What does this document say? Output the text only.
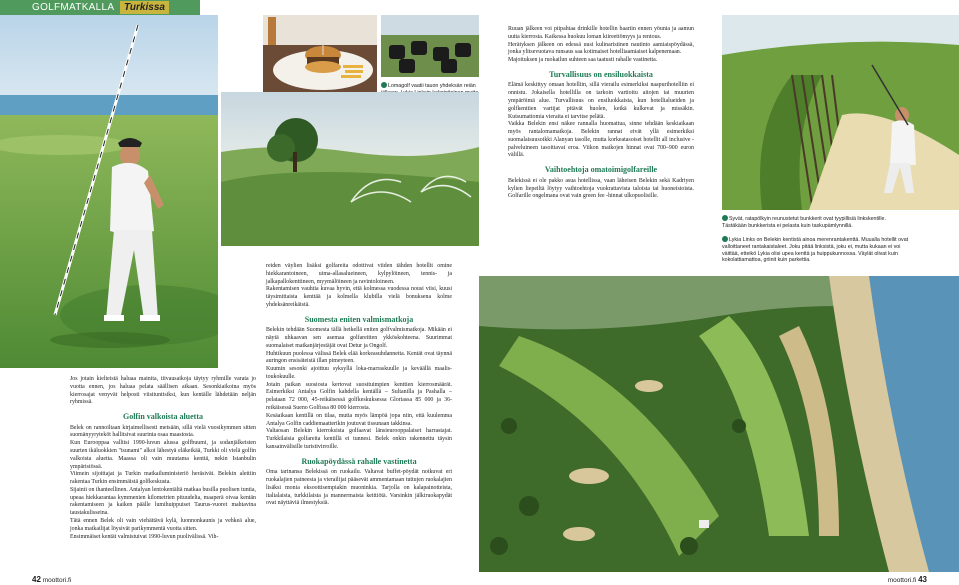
GOLFMATKALLA Turkissa
Lomagolf vaatii tauon yhdeksän reiän
Syvät, ratapölkyin reunustetut bunkkerit ovat tyypillisiä linkskentille. Tästäkään bunkkerista ei pelasta kuin taskupämlynnillä.
Lykia Links on Belekin kentistä ainoa merenrantakenttä. Muualla hotellit ovat valloittaneet rantakaistaleet. Joku pitää linksistä, joku ei, mutta kukaan ei voi väittää, etteikö Lykia olisi upea kenttä ja huippukunnossa. Väylät olivat kuin kokolattiamattoa, griinit kuin parkettia.

Jos jotain kielteistä haluaa mainita, tiivausaikoja täytyy ryhmille varata jo vuotta ennen, jos haluaa pelata säällisen aikaan. Sesonkiaikoina myös kierrosajat venyvät helposti viisituntisiksi, kun kentälle lähdetään neljän ryhmissä.

Golfin valkoista aluetta

Belek on rannoiltaan kirjaimellisesti metsään, sillä vielä vuosikymmen sitten suomänyyryteköt hallitsivat suurinta osaa maastosta.

Kun Eurooppaa vallitsi 1990-luvun alussa golfbuumi, ja sodanjälkeisten suurten ikäluokkien "tsunami" alkoi lähestyä eläkeikää, Turkki oli vielä golfin valkoista aluetta. Maassa oli vain muutama kenttä, nekin Istanbulin ympäristössä.

Viimein sijoittajat ja Turkin matkailuministeriö heräsivät. Belekin alettiin rakentaa Turkin ensimmäistä golfkeskusta.

Sijainti on ihanteellinen. Antalyan lentokentältä matkaa busilla puolisen tuntia, upeaa hiekkarantaa kymmenien kilometrien pituudelta, maaperä oivaa kentän rakentamiseen ja kaiken päälle lumihuippuiset Taurus-vuoret mahtavina taustakulisseina.

Tätä ennen Belek oli vain viehättävä kylä, luonnonkaunis ja vehkeä alue, jonka matkailijat löysivät parikymmentä vuotta sitten.

Ensimmäiset kentät valmistuivat 1990-luvun puolivälissä. Vih-

reiden väylien lisäksi golfareita odottivat viiden tähden hotellit omine hiekkarantoineen, uima-allasalueineen, kylpylöineen, tennis- ja jalkapallokenttineen, myymälöineen ja ravintoloineen.

Rakentamisen vauhtia kuvaa hyvin, että kolmessa vuodessa nousi viisi, kuusi täysimittaista kenttää ja kolmella klubilla vielä bonuksena kolme yhdeksänreikäistä.

Suomesta eniten valmismatkoja

Belekin tehdään Suomesta tällä hetkellä eniten golfvalmismatkoja. Mikään ei näytä uhkaavan sen asemaa golfareitten ykköskohteena. Suurimmat suomalaiset matkanjärjestäjät ovat Detur ja Ongolf.

Huhtikuun puolessa välissä Belek elää korkeasuhdannetta. Kentät ovat täynnä auringon ensisäteistä illan pimeyteen.

Kuumin sesonki ajoittuu syksyllä loka-marraskuulle ja keväällä maalis-toukokuulle.

Jotain paikan suosiosta kertovat suosituimpien kenttien kierrosmäärät. Esimerkiksi Antalya Golfin kahdella kentällä – Sultanilla ja Pashalla – pelataan 72 000, 45-reikäisessä golfkeskuksessa Gloriassa 85 000 ja 36-reikäisessä Sueno Golfissa 80 000 kierrosta.

Kesäaikaan kentillä on tilaa, mutta myös lämpöä jopa niin, että kuulemma Antalya Golfin caddiemaatterikin joutuvat tissunaan takkinsa.

Valtaosan Belekin kierroksista golfaavat länsieurooppalaiset harrastajat. Turkkilaisia golfareita kentillä ei tunnesi. Belek onkin rakennettu täysin kansainvälisille turistivirroille.

Ruokapöydässä rahalle vastinetta

Oma tarinansa Belekissä on ruokailu. Valtavat buffet-pöydät notkuvat eri ruokalajien paineesta ja vierailijat pääsevät ammentamaan tuttujen ruokalajien lisäksi monia eksoottisempiakin muoninkia. Tarjolla on kalapainotteista, italialaista, turkkilaista ja mannermaista keittiötä. Varsinkin jälkiruokapydät ovat näyttäviä ilmestyksiä.

Ruuan jälkeen voi piipahtaa drinkille hotellin baariin ennen yöunia ja aamun uutta kierrosta. Kaikessa huokuu loman kiireettömyys ja rentous.

Herätyksen jälkeen on edessä uusi kulinaristinen nautinto aamiaispöydässä, jonka ylitsevuotava runsaus saa kotimaiset hotelliaamiaiset kalpenemaan.

Majoituksen ja ruokailun suhteen saa taatusti rahalle vastinetta.

Turvallisuus on ensiluokkaista

Elämä keskittyy omaan hotelliin, sillä vierailu esimerkiksi naapurihotelliin ei onnistu. Jokaisella hotellilla on tarkoin vartioitu aitojen tai muurien ympäröimä alue. Turvallisuus on ensiluokkaista, kun hotellialueiden ja golfkenttien vartijat pitävät huolen, ketkä kulkevat ja missäkin. Kutsumattomia vieraita ei tarvitse pelätä.

Vaikka Belekin ensi näkee rannalla huomattua, sinne tehdään keskiaikaan myös rantalomamatkoja. Belekin rannat eivät yllä esimerkiksi suomalaisuusoikki Alanyan tasolle, mutta korkeatasoiset hotellit all inclusive -palveluineen tasoittavat eroa. Viikon matkojen hinnat ovat 700–900 euron välillä.

Vaihtoehtoja omatoimigolfareille

Belekissä ei ole pakko asua hotellissa, vaan läheisen Belekin sekä Kadriyen kylien liepeiltä löytyy vaihtoehtoja vuokrattavista taloista tai huoneistoista. Golfarille ongelmana ovat vain green fee -hinnat ulkopuolisille.

42 moottori.fi	moottori.fi 43
